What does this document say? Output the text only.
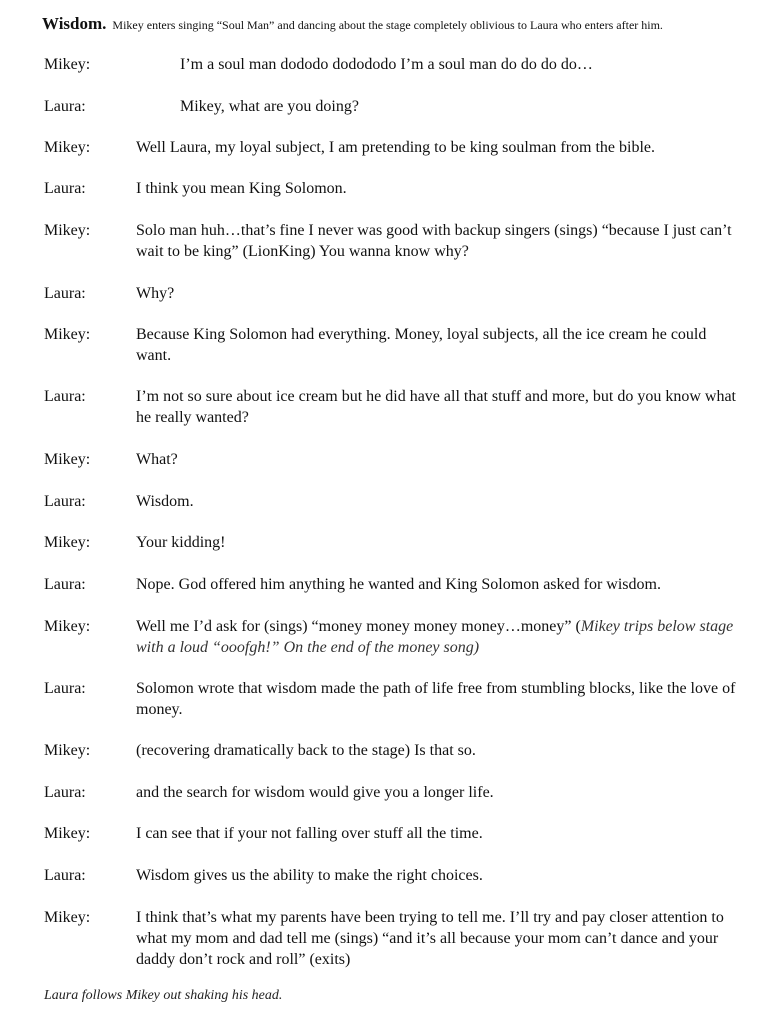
Wisdom. Mikey enters singing “Soul Man” and dancing about the stage completely oblivious to Laura who enters after him.
Mikey:	I’m a soul man dododo dodododo I’m a soul man do do do do…
Laura:	Mikey, what are you doing?
Mikey:	Well Laura, my loyal subject, I am pretending to be king soulman from the bible.
Laura:	I think you mean King Solomon.
Mikey:	Solo man huh…that’s fine I never was good with backup singers (sings) “because I just can’t wait to be king” (LionKing) You wanna know why?
Laura:	Why?
Mikey:	Because King Solomon had everything. Money, loyal subjects, all the ice cream he could want.
Laura:	I’m not so sure about ice cream but he did have all that stuff and more, but do you know what he really wanted?
Mikey:	What?
Laura:	Wisdom.
Mikey:	Your kidding!
Laura:	Nope. God offered him anything he wanted and King Solomon asked for wisdom.
Mikey:	Well me I’d ask for (sings) “money money money money…money” (Mikey trips below stage with a loud “ooofgh!” On the end of the money song)
Laura:	Solomon wrote that wisdom made the path of life free from stumbling blocks, like the love of money.
Mikey:	(recovering dramatically back to the stage) Is that so.
Laura:	and the search for wisdom would give you a longer life.
Mikey:	I can see that if your not falling over stuff all the time.
Laura:	Wisdom gives us the ability to make the right choices.
Mikey:	I think that’s what my parents have been trying to tell me. I’ll try and pay closer attention to what my mom and dad tell me (sings) “and it’s all because your mom can’t dance and your daddy don’t rock and roll” (exits)
Laura follows Mikey out shaking his head.
